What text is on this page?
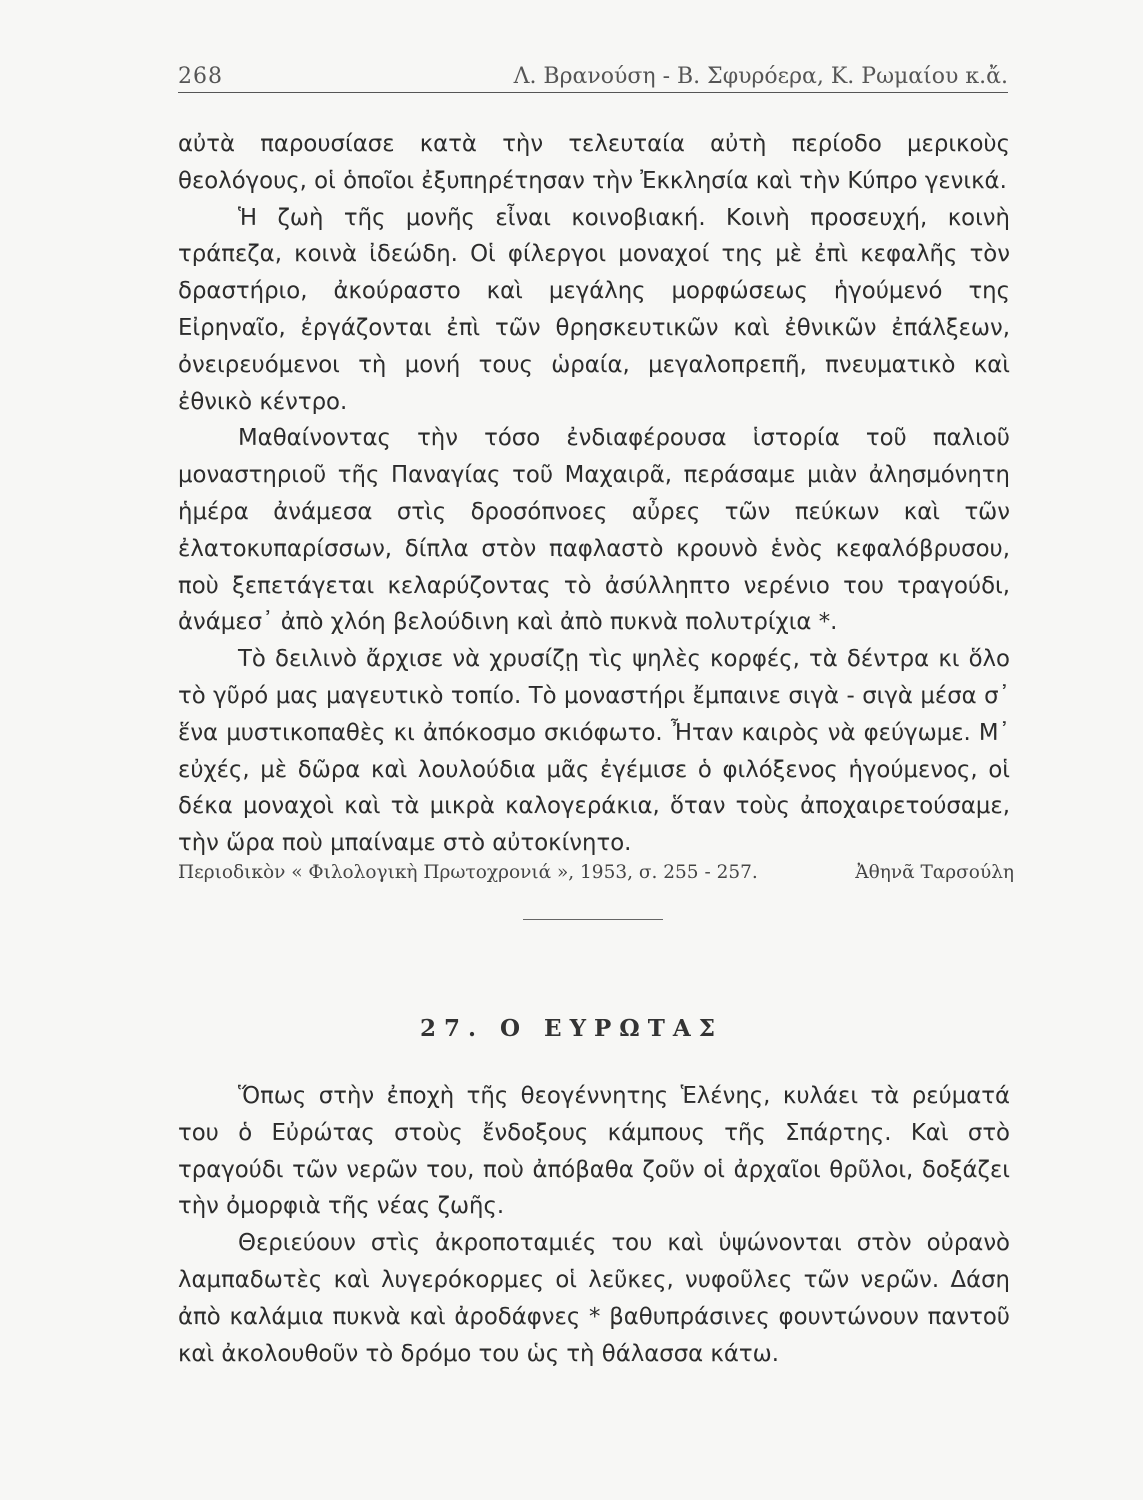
268	Λ. Βρανούση - Β. Σφυρόερα, Κ. Ρωμαίου κ.ἄ.

αὐτὰ παρουσίασε κατὰ τὴν τελευταία αὐτὴ περίοδο μερικοὺς θεολόγους, οἱ ὁποῖοι ἐξυπηρέτησαν τὴν Ἐκκλησία καὶ τὴν Κύπρο γενικά.

Ἡ ζωὴ τῆς μονῆς εἶναι κοινοβιακή. Κοινὴ προσευχή, κοινὴ τράπεζα, κοινὰ ἰδεώδη. Οἱ φίλεργοι μοναχοί της μὲ ἐπὶ κεφαλῆς τὸν δραστήριο, ἀκούραστο καὶ μεγάλης μορφώσεως ἡγούμενό της Εἰρηναῖο, ἐργάζονται ἐπὶ τῶν θρησκευτικῶν καὶ ἐθνικῶν ἐπάλξεων, ὀνειρευόμενοι τὴ μονή τους ὡραία, μεγαλοπρεπῆ, πνευματικὸ καὶ ἐθνικὸ κέντρο.

Μαθαίνοντας τὴν τόσο ἐνδιαφέρουσα ἱστορία τοῦ παλιοῦ μοναστηριοῦ τῆς Παναγίας τοῦ Μαχαιρᾶ, περάσαμε μιὰν ἀλησμόνητη ἡμέρα ἀνάμεσα στὶς δροσόπνοες αὖρες τῶν πεύκων καὶ τῶν ἐλατοκυπαρίσσων, δίπλα στὸν παφλαστὸ κρουνὸ ἑνὸς κεφαλόβρυσου, ποὺ ξεπετάγεται κελαρύζοντας τὸ ἀσύλληπτο νερένιο του τραγούδι, ἀνάμεσ᾽ ἀπὸ χλόη βελούδινη καὶ ἀπὸ πυκνὰ πολυτρίχια *.

Τὸ δειλινὸ ἄρχισε νὰ χρυσίζῃ τὶς ψηλὲς κορφές, τὰ δέντρα κι ὅλο τὸ γῦρό μας μαγευτικὸ τοπίο. Τὸ μοναστήρι ἔμπαινε σιγὰ - σιγὰ μέσα σ᾽ ἕνα μυστικοπαθὲς κι ἀπόκοσμο σκιόφωτο. Ἦταν καιρὸς νὰ φεύγωμε. Μ᾽ εὐχές, μὲ δῶρα καὶ λουλούδια μᾶς ἐγέμισε ὁ φιλόξενος ἡγούμενος, οἱ δέκα μοναχοὶ καὶ τὰ μικρὰ καλογεράκια, ὅταν τοὺς ἀποχαιρετούσαμε, τὴν ὥρα ποὺ μπαίναμε στὸ αὐτοκίνητο.

Περιοδικὸν « Φιλολογικὴ Πρωτοχρονιά », 1953, σ. 255 - 257.	Ἀθηνᾶ Ταρσούλη
27. Ο ΕΥΡΩΤΑΣ

Ὅπως στὴν ἐποχὴ τῆς θεογέννητης Ἑλένης, κυλάει τὰ ρεύματά του ὁ Εὐρώτας στοὺς ἔνδοξους κάμπους τῆς Σπάρτης. Καὶ στὸ τραγούδι τῶν νερῶν του, ποὺ ἀπόβαθα ζοῦν οἱ ἀρχαῖοι θρῦλοι, δοξάζει τὴν ὀμορφιὰ τῆς νέας ζωῆς.

Θεριεύουν στὶς ἀκροποταμιές του καὶ ὑψώνονται στὸν οὐρανὸ λαμπαδωτὲς καὶ λυγερόκορμες οἱ λεῦκες, νυφοῦλες τῶν νερῶν. Δάση ἀπὸ καλάμια πυκνὰ καὶ ἀροδάφνες * βαθυπράσινες φουντώνουν παντοῦ καὶ ἀκολουθοῦν τὸ δρόμο του ὡς τὴ θάλασσα κάτω.
